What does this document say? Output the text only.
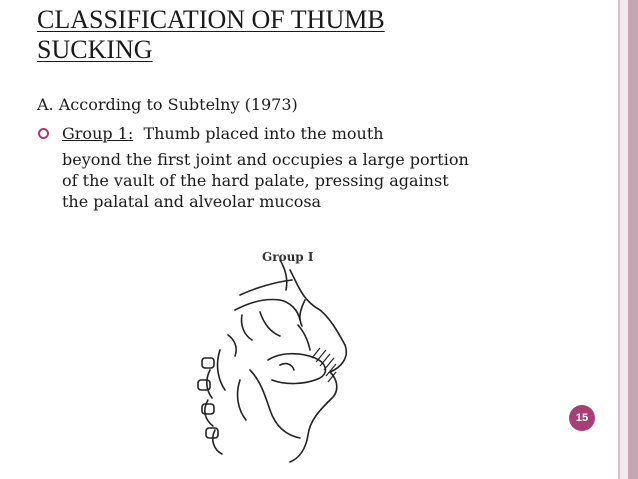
CLASSIFICATION OF THUMB SUCKING
A. According to Subtelny (1973)
Group 1:  Thumb placed into the mouth
beyond the first joint and occupies a large portion
of the vault of the hard palate, pressing against
the palatal and alveolar mucosa
Group I
15
